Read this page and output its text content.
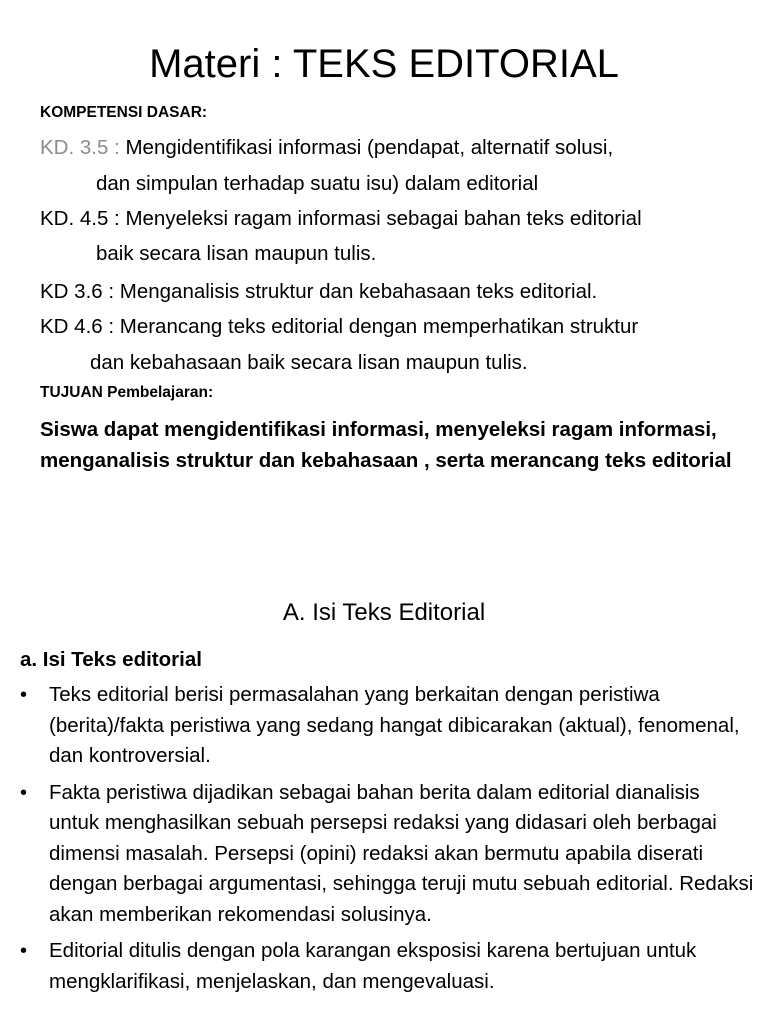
Materi : TEKS EDITORIAL
KOMPETENSI DASAR:
KD. 3.5 : Mengidentifikasi informasi (pendapat, alternatif solusi,
dan simpulan terhadap suatu isu) dalam editorial
KD. 4.5 : Menyeleksi ragam informasi sebagai bahan teks editorial
baik secara lisan maupun tulis.
KD 3.6 : Menganalisis struktur dan kebahasaan teks editorial.
KD 4.6 : Merancang teks editorial dengan memperhatikan struktur
dan kebahasaan baik secara lisan maupun tulis.
TUJUAN Pembelajaran:
Siswa dapat mengidentifikasi informasi, menyeleksi ragam informasi, menganalisis struktur dan kebahasaan , serta merancang teks editorial
A. Isi Teks Editorial
a. Isi Teks editorial
• Teks editorial berisi permasalahan yang berkaitan dengan peristiwa (berita)/fakta peristiwa yang sedang hangat dibicarakan (aktual), fenomenal, dan kontroversial.
• Fakta peristiwa dijadikan sebagai bahan berita dalam editorial dianalisis untuk menghasilkan sebuah persepsi redaksi yang didasari oleh berbagai dimensi masalah. Persepsi (opini) redaksi akan bermutu apabila diserati dengan berbagai argumentasi, sehingga teruji mutu sebuah editorial. Redaksi akan memberikan rekomendasi solusinya.
• Editorial ditulis dengan pola karangan eksposisi karena bertujuan untuk mengklarifikasi, menjelaskan, dan mengevaluasi.
